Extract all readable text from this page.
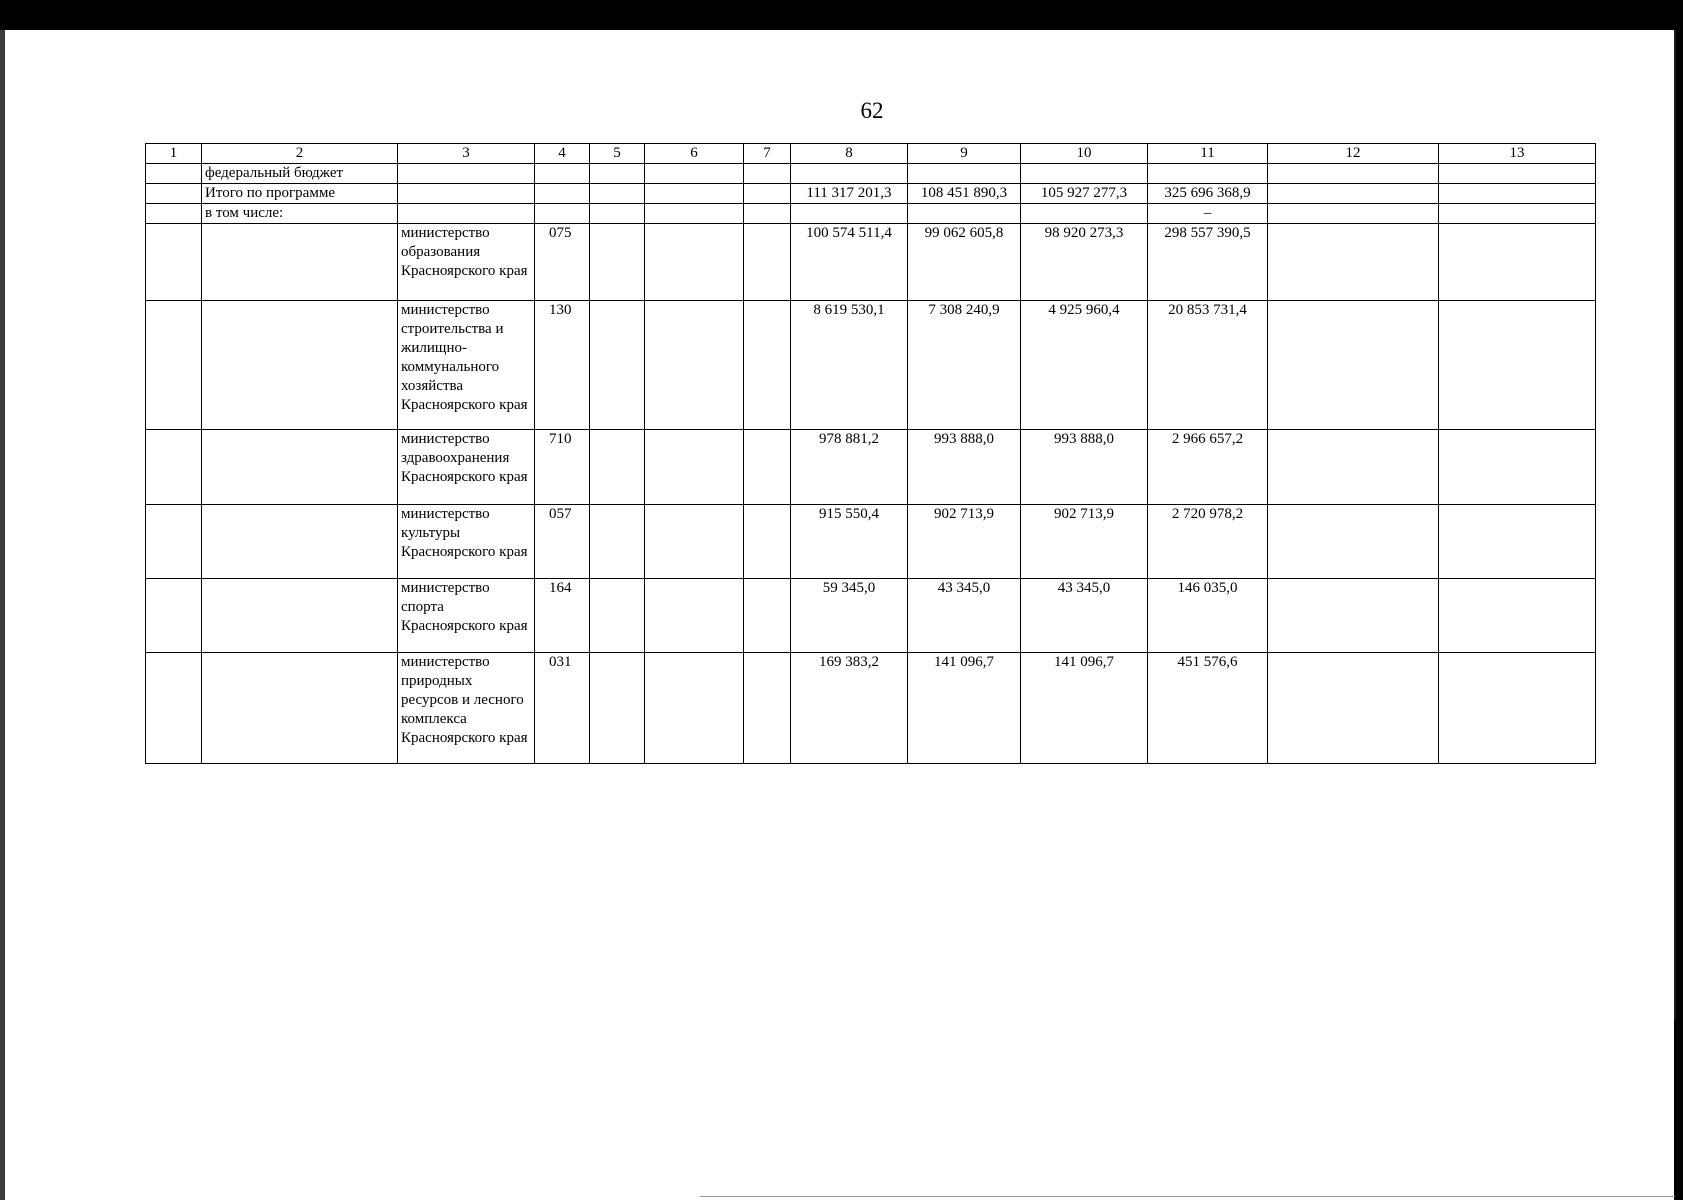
62
1	2	3	4	5	6	7	8	9	10	11	12	13
	федеральный бюджет											
	Итого по программе						111 317 201,3	108 451 890,3	105 927 277,3	325 696 368,9		
	в том числе:									–		
		министерство образования Красноярского края	075				100 574 511,4	99 062 605,8	98 920 273,3	298 557 390,5		
		министерство строительства и жилищно-коммунального хозяйства Красноярского края	130				8 619 530,1	7 308 240,9	4 925 960,4	20 853 731,4		
		министерство здравоохранения Красноярского края	710				978 881,2	993 888,0	993 888,0	2 966 657,2		
		министерство культуры Красноярского края	057				915 550,4	902 713,9	902 713,9	2 720 978,2		
		министерство спорта Красноярского края	164				59 345,0	43 345,0	43 345,0	146 035,0		
		министерство природных ресурсов и лесного комплекса Красноярского края	031				169 383,2	141 096,7	141 096,7	451 576,6		
